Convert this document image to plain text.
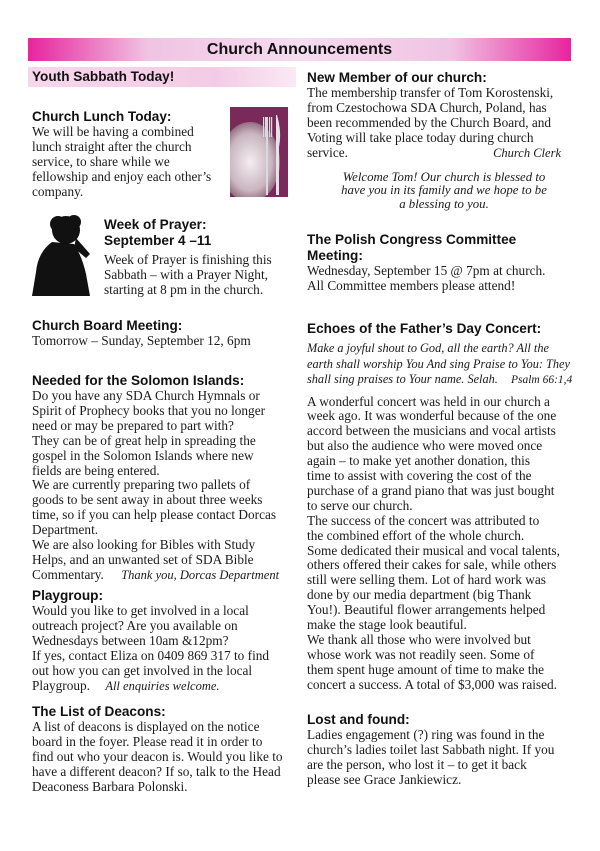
Church Announcements
Youth Sabbath Today!
Church Lunch Today:
We will be having a combined
lunch straight after the church
service, to share while we
fellowship and enjoy each other’s
company.
Week of Prayer:
September 4 –11
Week of Prayer is finishing this
Sabbath – with a Prayer Night,
starting at 8 pm in the church.
Church Board Meeting:
Tomorrow – Sunday, September 12, 6pm
Needed for the Solomon Islands:
Do you have any SDA Church Hymnals or
Spirit of Prophecy books that you no longer
need or may be prepared to part with?
They can be of great help in spreading the
gospel in the Solomon Islands where new
fields are being entered.
We are currently preparing two pallets of
goods to be sent away in about three weeks
time, so if you can help please contact Dorcas
Department.
We are also looking for Bibles with Study
Helps, and an unwanted set of SDA Bible
Commentary. Thank you, Dorcas Department
Playgroup:
Would you like to get involved in a local
outreach project? Are you available on
Wednesdays between 10am &12pm?
If yes, contact Eliza on 0409 869 317 to find
out how you can get involved in the local
Playgroup. All enquiries welcome.
The List of Deacons:
A list of deacons is displayed on the notice
board in the foyer. Please read it in order to
find out who your deacon is. Would you like to
have a different deacon? If so, talk to the Head
Deaconess Barbara Polonski.
New Member of our church:
The membership transfer of Tom Korostenski,
from Czestochowa SDA Church, Poland, has
been recommended by the Church Board, and
Voting will take place today during church
service.	Church Clerk
Welcome Tom! Our church is blessed to
have you in its family and we hope to be
a blessing to you.
The Polish Congress Committee
Meeting:
Wednesday, September 15 @ 7pm at church.
All Committee members please attend!
Echoes of the Father’s Day Concert:
Make a joyful shout to God, all the earth? All the
earth shall worship You And sing Praise to You: They
shall sing praises to Your name. Selah. Psalm 66:1,4
A wonderful concert was held in our church a
week ago. It was wonderful because of the one
accord between the musicians and vocal artists
but also the audience who were moved once
again – to make yet another donation, this
time to assist with covering the cost of the
purchase of a grand piano that was just bought
to serve our church.
The success of the concert was attributed to
the combined effort of the whole church.
Some dedicated their musical and vocal talents,
others offered their cakes for sale, while others
still were selling them. Lot of hard work was
done by our media department (big Thank
You!). Beautiful flower arrangements helped
make the stage look beautiful.
We thank all those who were involved but
whose work was not readily seen. Some of
them spent huge amount of time to make the
concert a success. A total of $3,000 was raised.
Lost and found:
Ladies engagement (?) ring was found in the
church’s ladies toilet last Sabbath night. If you
are the person, who lost it – to get it back
please see Grace Jankiewicz.
